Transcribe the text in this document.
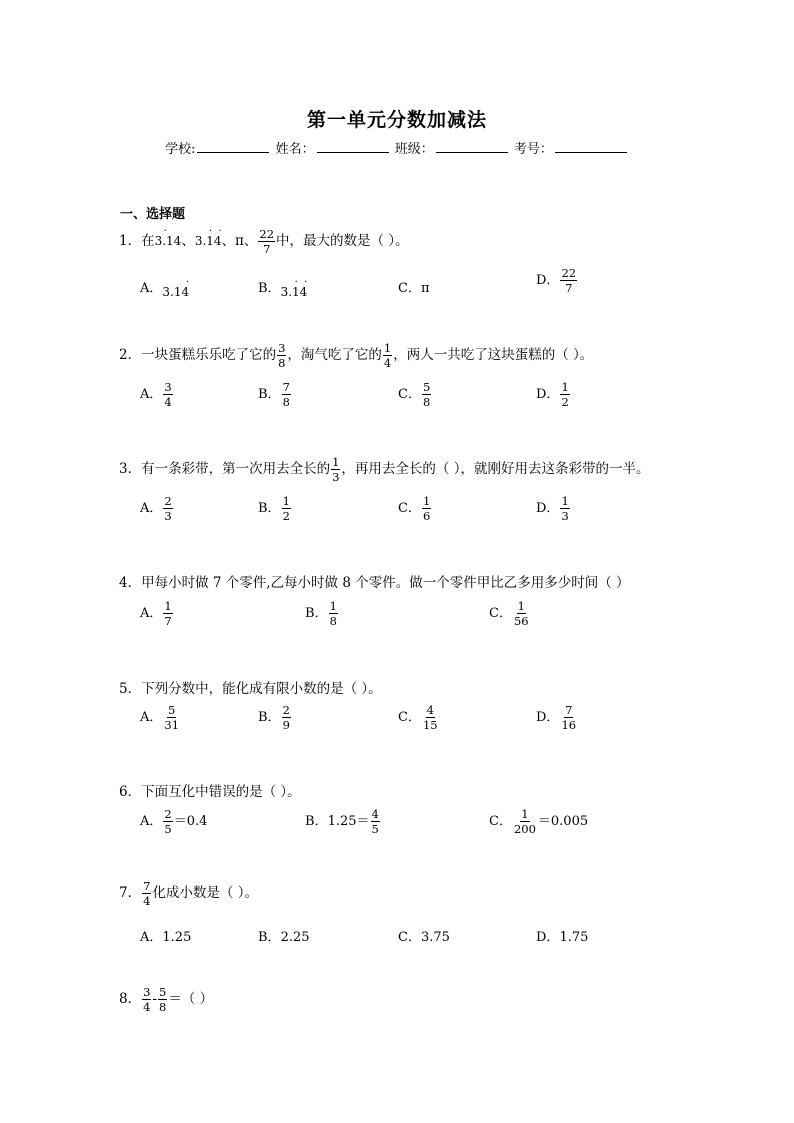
第一单元分数加减法
学校:	姓名：	班级：	考号：
一、选择题
1．在3.14
·
、3.14
· ·
、π、 $\frac{22}{7}$ 中，最大的数是（ ）。
A．3.14
·	B．3.14
· ·	C．π
D． $\frac{22}{7}$
2．一块蛋糕乐乐吃了它的 $\frac{3}{8}$ ，淘气吃了它的 $\frac{1}{4}$ ，两人一共吃了这块蛋糕的（ ）。
A． $\frac{3}{4}$	B． $\frac{7}{8}$	C． $\frac{5}{8}$	D． $\frac{1}{2}$
3．有一条彩带，第一次用去全长的 $\frac{1}{3}$ ，再用去全长的（ ），就刚好用去这条彩带的一半。
A． $\frac{2}{3}$	B． $\frac{1}{2}$	C． $\frac{1}{6}$	D． $\frac{1}{3}$
4．甲每小时做 7 个零件,乙每小时做 8 个零件。做一个零件甲比乙多用多少时间（ ）
A． $\frac{1}{7}$	B． $\frac{1}{8}$	C． $\frac{1}{56}$
5．下列分数中，能化成有限小数的是（ ）。
A． $\frac{5}{31}$	B． $\frac{2}{9}$	C． $\frac{4}{15}$	D． $\frac{7}{16}$
6．下面互化中错误的是（ ）。
A． $\frac{2}{5} =0.4$	B．$1.25= \frac{4}{5}$	C． $\frac{1}{200} =0.005$
7． $\frac{7}{4}$ 化成小数是（ ）。
A．1.25	B．2.25	C．3.75	D．1.75
8． $\frac{3}{4} - \frac{5}{8}$ ＝（ ）
